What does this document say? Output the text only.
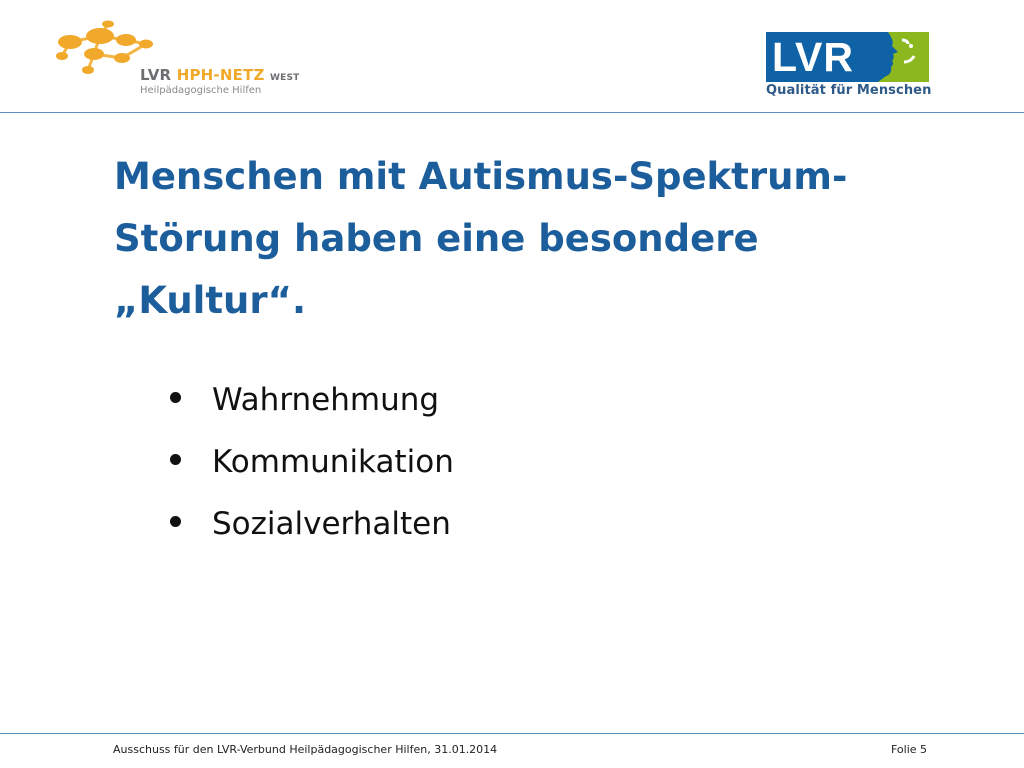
LVR HPH-NETZ WEST
Heilpädagogische Hilfen
LVR
Qualität für Menschen
Menschen mit Autismus-Spektrum-
Störung haben eine besondere
„Kultur“.
Wahrnehmung
Kommunikation
Sozialverhalten
Ausschuss für den LVR-Verbund Heilpädagogischer Hilfen, 31.01.2014	Folie 5
